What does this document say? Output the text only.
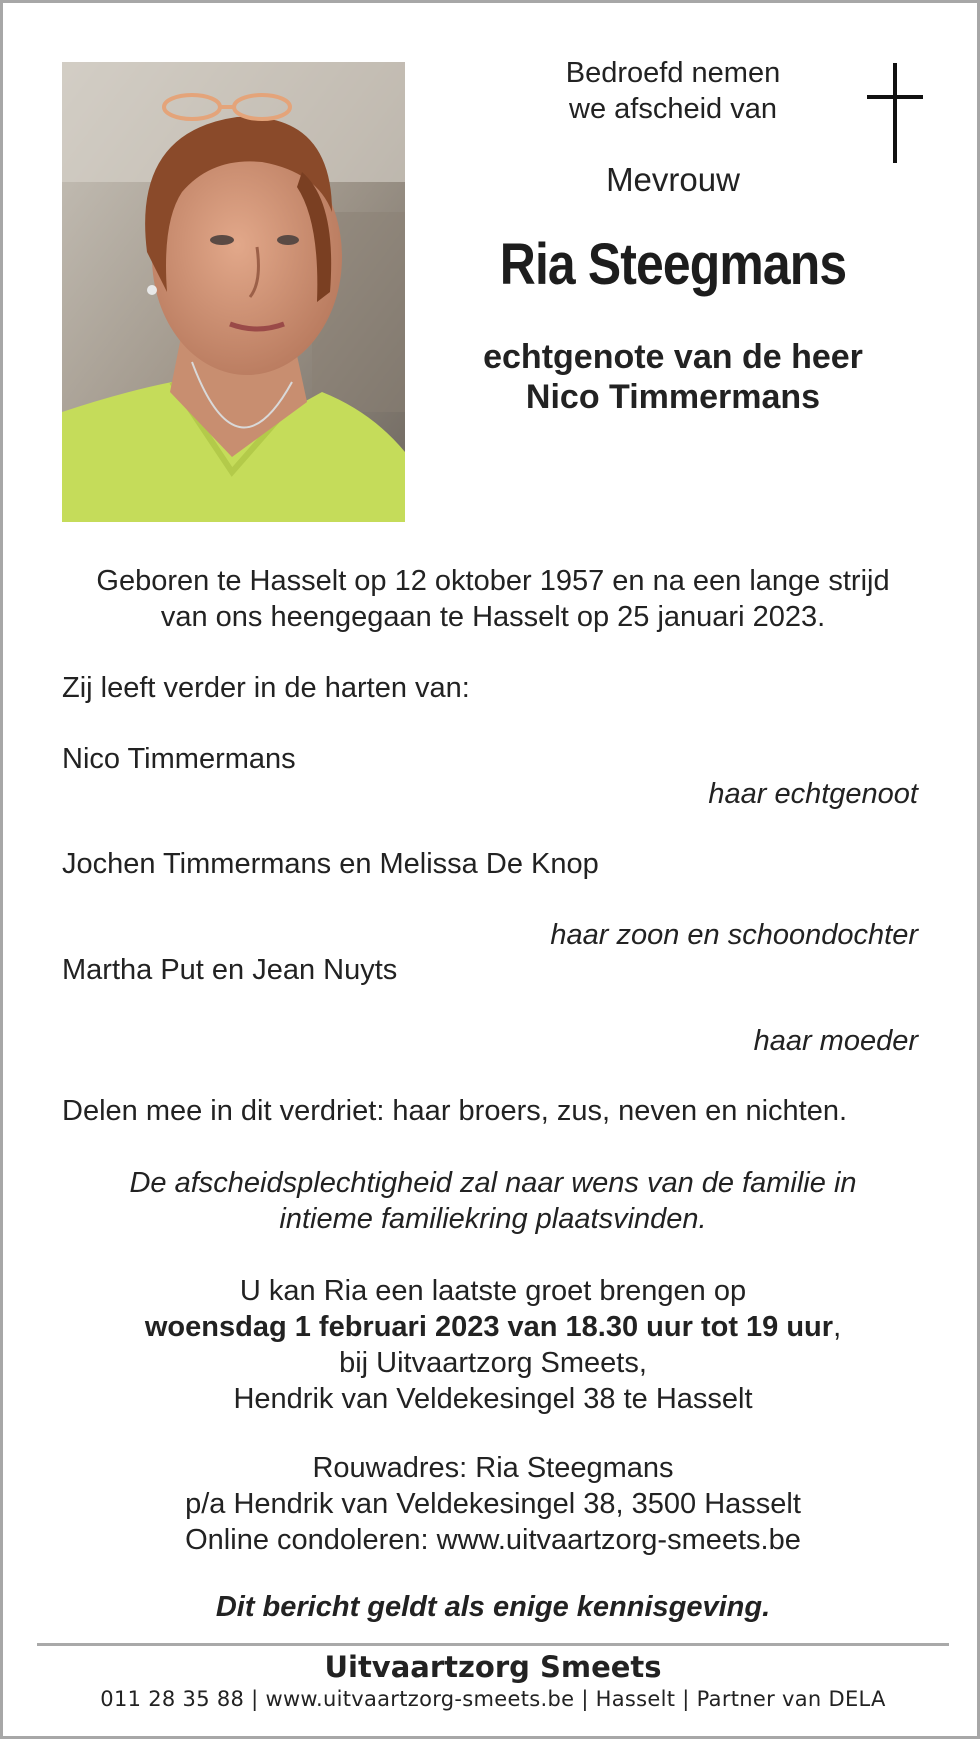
Bedroefd nemen
we afscheid van
Mevrouw
Ria Steegmans
echtgenote van de heer
Nico Timmermans
Geboren te Hasselt op 12 oktober 1957 en na een lange strijd
van ons heengegaan te Hasselt op 25 januari 2023.
Zij leeft verder in de harten van:
Nico Timmermans
haar echtgenoot
Jochen Timmermans en Melissa De Knop
haar zoon en schoondochter
Martha Put en Jean Nuyts
haar moeder
Delen mee in dit verdriet: haar broers, zus, neven en nichten.
De afscheidsplechtigheid zal naar wens van de familie in
intieme familiekring plaatsvinden.
U kan Ria een laatste groet brengen op
woensdag 1 februari 2023 van 18.30 uur tot 19 uur,
bij Uitvaartzorg Smeets,
Hendrik van Veldekesingel 38 te Hasselt
Rouwadres: Ria Steegmans
p/a Hendrik van Veldekesingel 38, 3500 Hasselt
Online condoleren: www.uitvaartzorg-smeets.be
Dit bericht geldt als enige kennisgeving.
Uitvaartzorg Smeets
011 28 35 88 | www.uitvaartzorg-smeets.be | Hasselt | Partner van DELA
